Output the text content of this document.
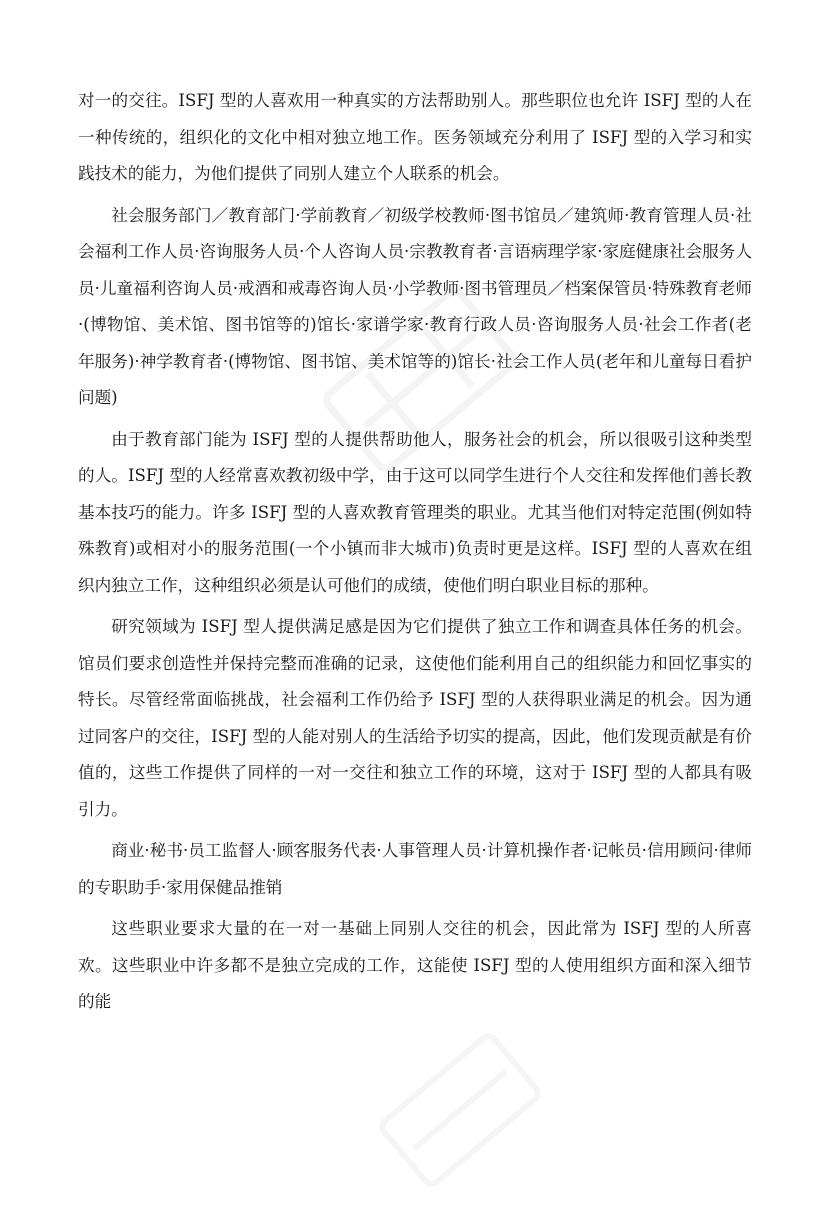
对一的交往。ISFJ 型的人喜欢用一种真实的方法帮助别人。那些职位也允许 ISFJ 型的人在一种传统的，组织化的文化中相对独立地工作。医务领域充分利用了 ISFJ 型的入学习和实践技术的能力，为他们提供了同别人建立个人联系的机会。

社会服务部门／教育部门·学前教育／初级学校教师·图书馆员／建筑师·教育管理人员·社会福利工作人员·咨询服务人员·个人咨询人员·宗教教育者·言语病理学家·家庭健康社会服务人员·儿童福利咨询人员·戒酒和戒毒咨询人员·小学教师·图书管理员／档案保管员·特殊教育老师·(博物馆、美术馆、图书馆等的)馆长·家谱学家·教育行政人员·咨询服务人员·社会工作者(老年服务)·神学教育者·(博物馆、图书馆、美术馆等的)馆长·社会工作人员(老年和儿童每日看护问题)

由于教育部门能为 ISFJ 型的人提供帮助他人，服务社会的机会，所以很吸引这种类型的人。ISFJ 型的人经常喜欢教初级中学，由于这可以同学生进行个人交往和发挥他们善长教基本技巧的能力。许多 ISFJ 型的人喜欢教育管理类的职业。尤其当他们对特定范围(例如特殊教育)或相对小的服务范围(一个小镇而非大城市)负责时更是这样。ISFJ 型的人喜欢在组织内独立工作，这种组织必须是认可他们的成绩，使他们明白职业目标的那种。

研究领域为 ISFJ 型人提供满足感是因为它们提供了独立工作和调查具体任务的机会。馆员们要求创造性并保持完整而准确的记录，这使他们能利用自己的组织能力和回忆事实的特长。尽管经常面临挑战，社会福利工作仍给予 ISFJ 型的人获得职业满足的机会。因为通过同客户的交往，ISFJ 型的人能对别人的生活给予切实的提高，因此，他们发现贡献是有价值的，这些工作提供了同样的一对一交往和独立工作的环境，这对于 ISFJ 型的人都具有吸引力。

商业·秘书·员工监督人·顾客服务代表·人事管理人员·计算机操作者·记帐员·信用顾问·律师的专职助手·家用保健品推销

这些职业要求大量的在一对一基础上同别人交往的机会，因此常为 ISFJ 型的人所喜欢。这些职业中许多都不是独立完成的工作，这能使 ISFJ 型的人使用组织方面和深入细节的能
